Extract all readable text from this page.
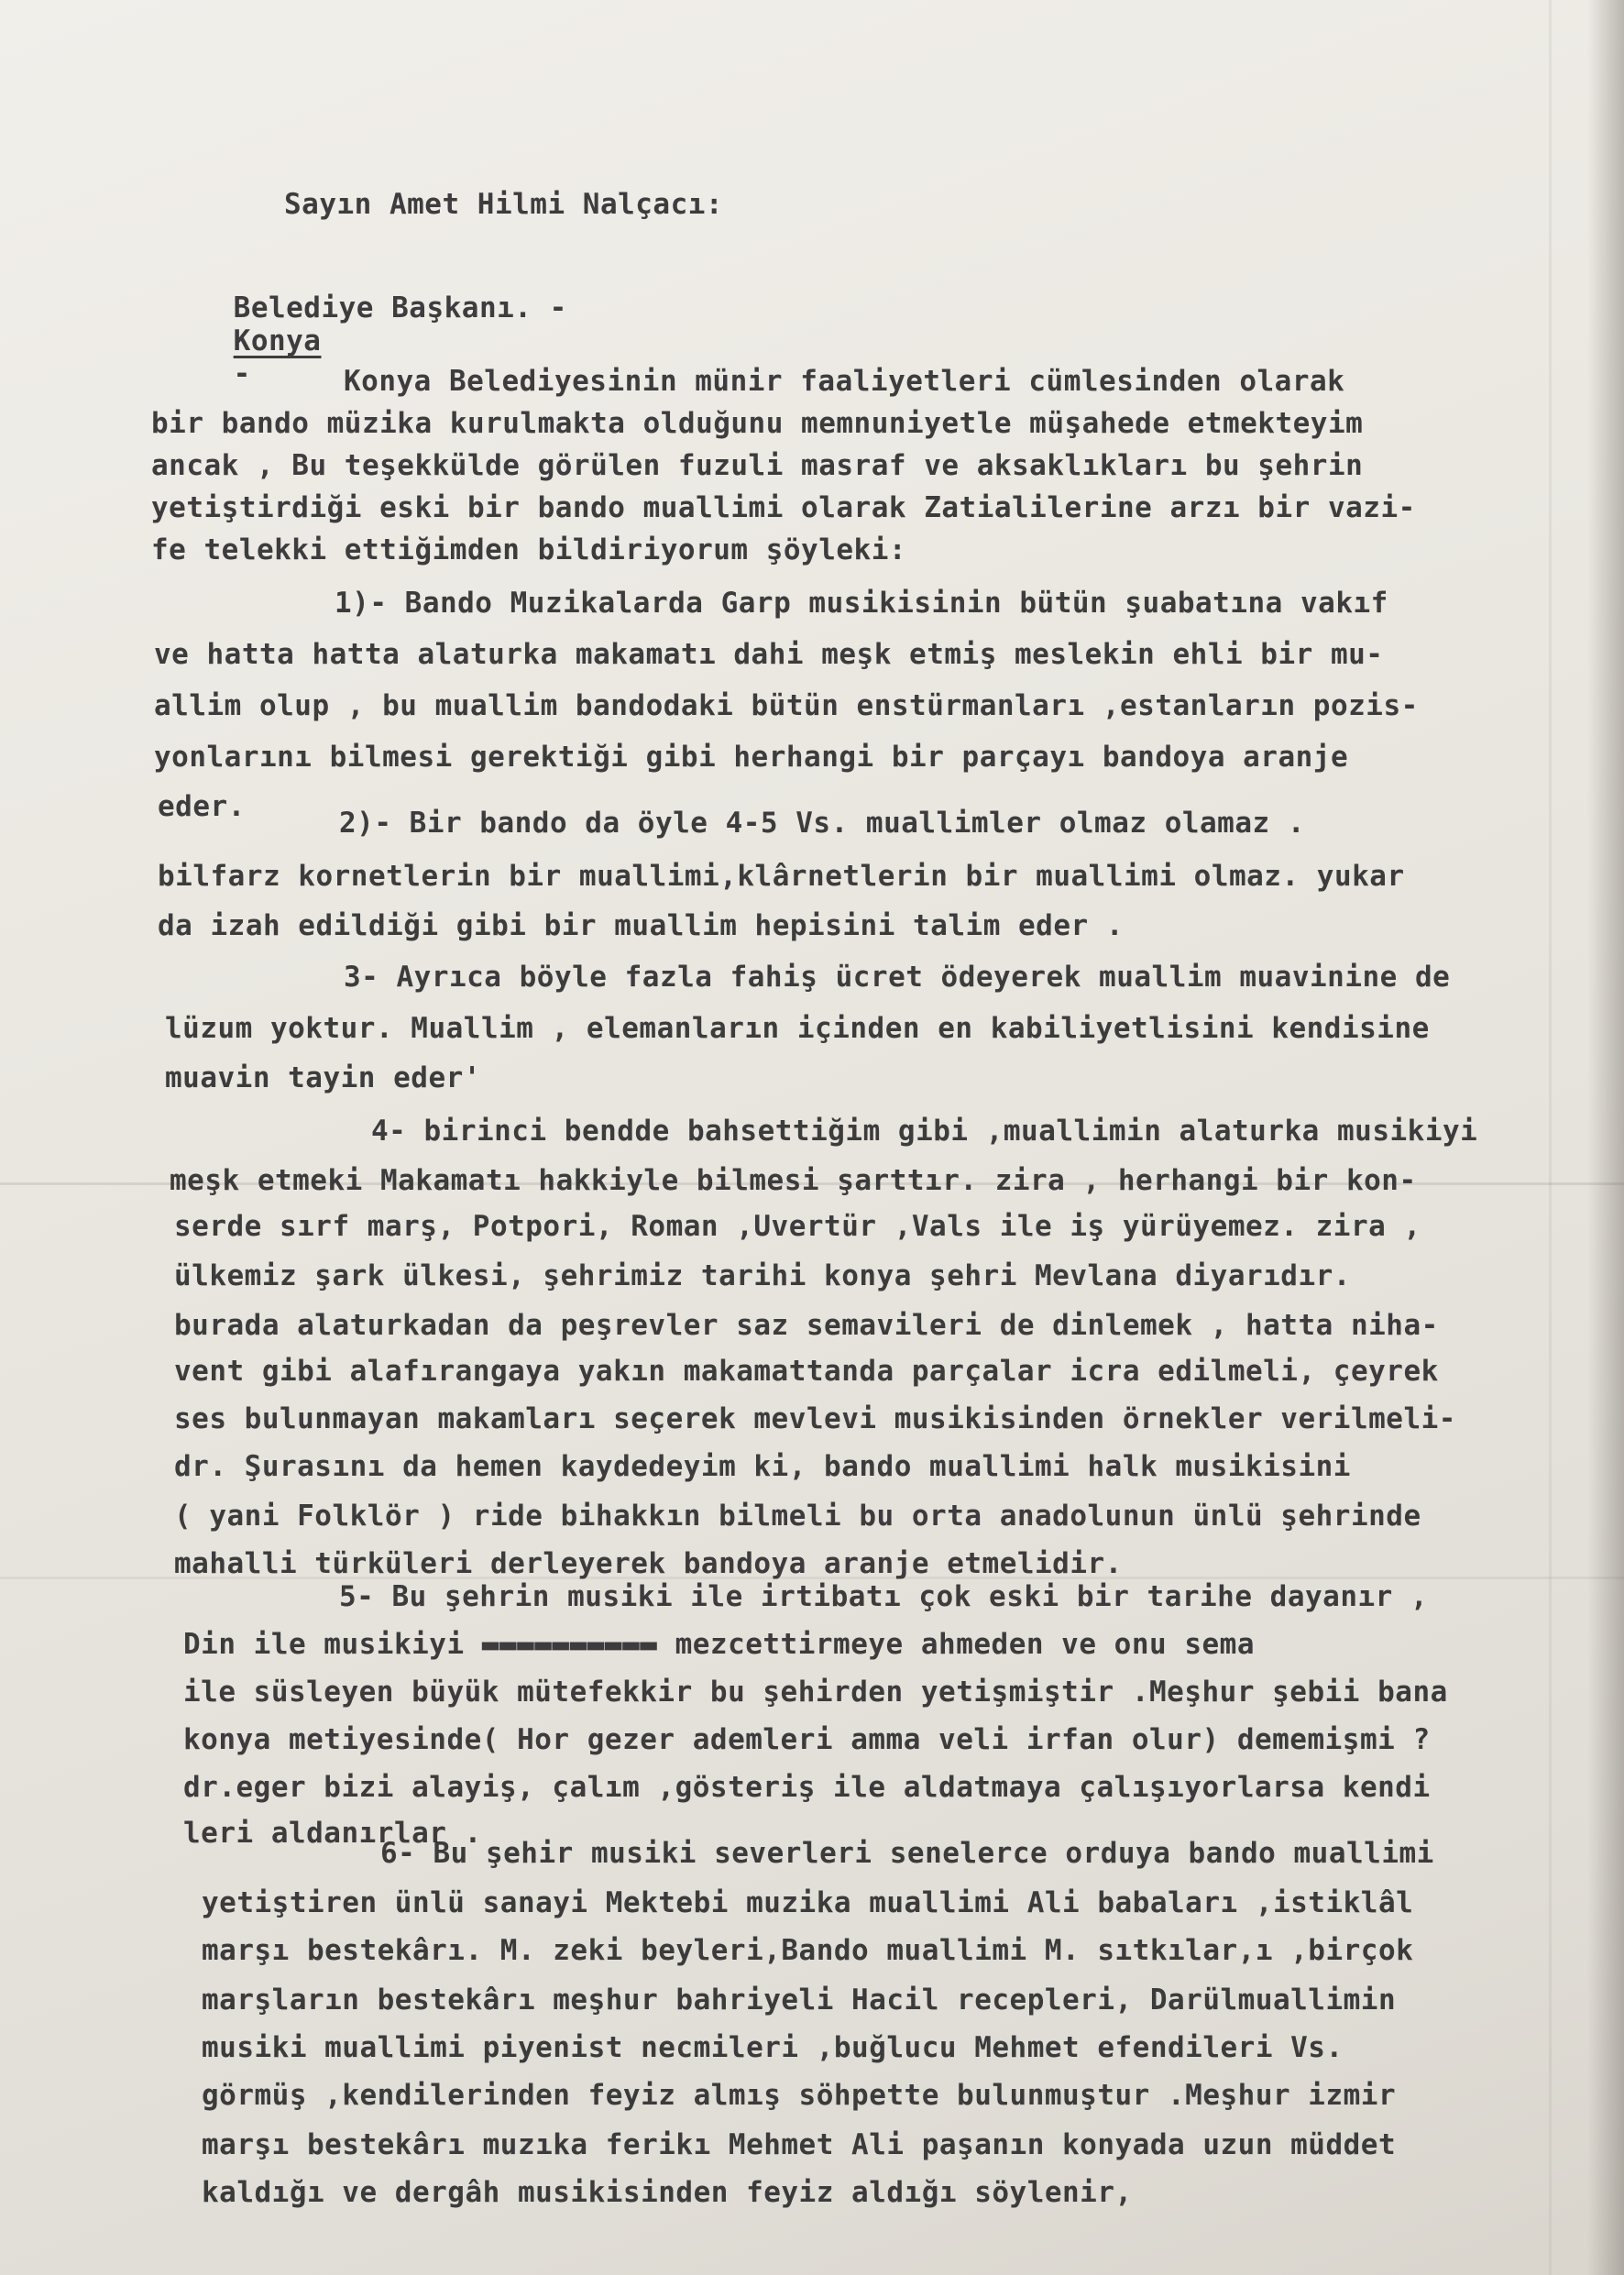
Sayın Amet Hilmi Nalçacı:

Belediye Başkanı. -
Konya
-
	Konya Belediyesinin münir faaliyetleri cümlesinden olarak
bir bando müzika kurulmakta olduğunu memnuniyetle müşahede etmekteyim
ancak , Bu teşekkülde görülen fuzuli masraf ve aksaklıkları bu şehrin
yetiştirdiği eski bir bando muallimi olarak Zatialilerine arzı bir vazi-
fe telekki ettiğimden bildiriyorum şöyleki:
1)- Bando Muzikalarda Garp musikisinin bütün şuabatına vakıf
ve hatta hatta alaturka makamatı dahi meşk etmiş meslekin ehli bir mu-
allim olup , bu muallim bandodaki bütün enstürmanları ,estanların pozis-
yonlarını bilmesi gerektiği gibi herhangi bir parçayı bandoya aranje
eder.	2)- Bir bando da öyle 4-5 Vs. muallimler olmaz olamaz .
bilfarz kornetlerin bir muallimi,klârnetlerin bir muallimi olmaz. yukar
da izah edildiği gibi bir muallim hepisini talim eder .
3- Ayrıca böyle fazla fahiş ücret ödeyerek muallim muavinine de
lüzum yoktur. Muallim , elemanların içinden en kabiliyetlisini kendisine
muavin tayin eder'
4- birinci bendde bahsettiğim gibi ,muallimin alaturka musikiyi
meşk etmeki Makamatı hakkiyle bilmesi şarttır. zira , herhangi bir kon-
serde sırf marş, Potpori, Roman ,Uvertür ,Vals ile iş yürüyemez. zira ,
ülkemiz şark ülkesi, şehrimiz tarihi konya şehri Mevlana diyarıdır.
burada alaturkadan da peşrevler saz semavileri de dinlemek , hatta niha-
vent gibi alafırangaya yakın makamattanda parçalar icra edilmeli, çeyrek
ses bulunmayan makamları seçerek mevlevi musikisinden örnekler verilmeli-
dr. Şurasını da hemen kaydedeyim ki, bando muallimi halk musikisini
( yani Folklör ) ride bihakkın bilmeli bu orta anadolunun ünlü şehrinde
mahalli türküleri derleyerek bandoya aranje etmelidir.
5- Bu şehrin musiki ile irtibatı çok eski bir tarihe dayanır ,
Din ile musikiyi ▬▬▬▬▬▬▬▬▬▬ mezcettirmeye ahmeden ve onu sema
ile süsleyen büyük mütefekkir bu şehirden yetişmiştir .Meşhur şebii bana
konya metiyesinde( Hor gezer ademleri amma veli irfan olur) dememişmi ?
dr.eger bizi alayiş, çalım ,gösteriş ile aldatmaya çalışıyorlarsa kendi
leri aldanırlar .
6- Bu şehir musiki severleri senelerce orduya bando muallimi
yetiştiren ünlü sanayi Mektebi muzika muallimi Ali babaları ,istiklâl
marşı bestekârı. M. zeki beyleri,Bando muallimi M. sıtkılar,ı ,birçok
marşların bestekârı meşhur bahriyeli Hacil recepleri, Darülmuallimin
musiki muallimi piyenist necmileri ,buğlucu Mehmet efendileri Vs.
görmüş ,kendilerinden feyiz almış söhpette bulunmuştur .Meşhur izmir
marşı bestekârı muzıka ferikı Mehmet Ali paşanın konyada uzun müddet
kaldığı ve dergâh musikisinden feyiz aldığı söylenir,
